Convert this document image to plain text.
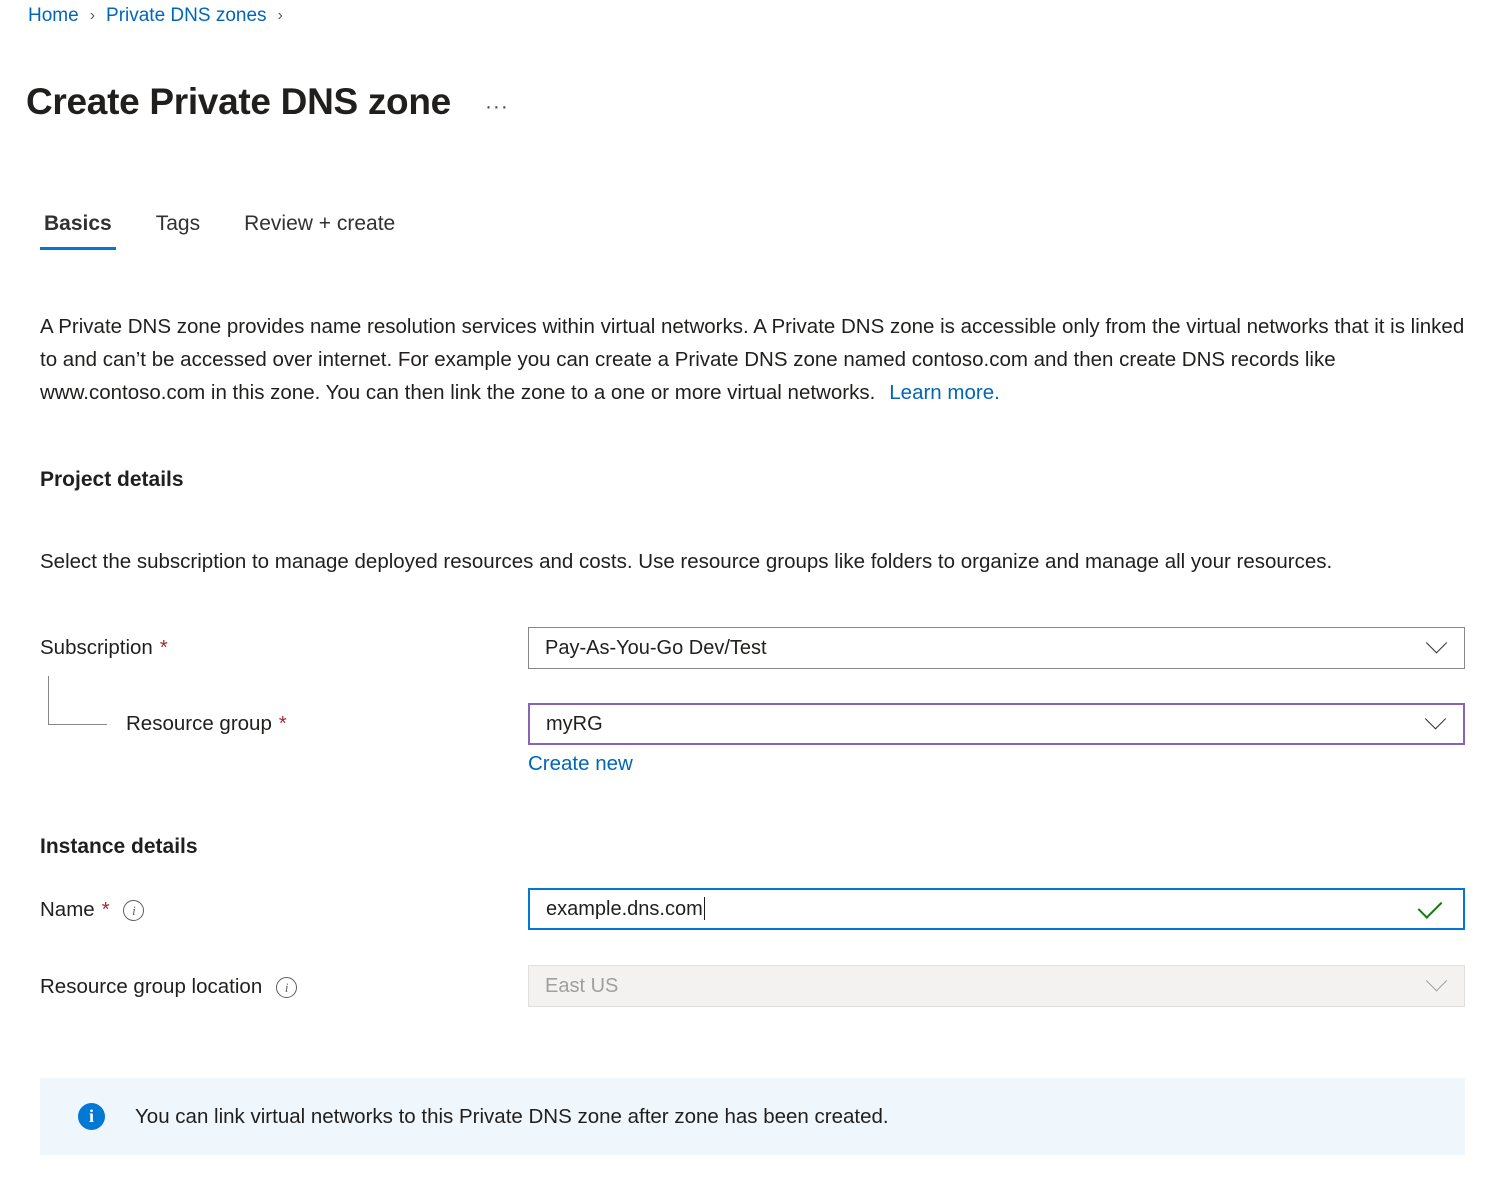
Home › Private DNS zones ›
Create Private DNS zone ···
Basics Tags Review + create

A Private DNS zone provides name resolution services within virtual networks. A Private DNS zone is accessible only from the virtual networks that it is linked to and can’t be accessed over internet. For example you can create a Private DNS zone named contoso.com and then create DNS records like www.contoso.com in this zone. You can then link the zone to a one or more virtual networks. Learn more.

Project details

Select the subscription to manage deployed resources and costs. Use resource groups like folders to organize and manage all your resources.

Subscription *	Pay-As-You-Go Dev/Test
Resource group *	myRG
Create new
Instance details
Name *	i	example.dns.com
Resource group location	i	East US
i	You can link virtual networks to this Private DNS zone after zone has been created.
